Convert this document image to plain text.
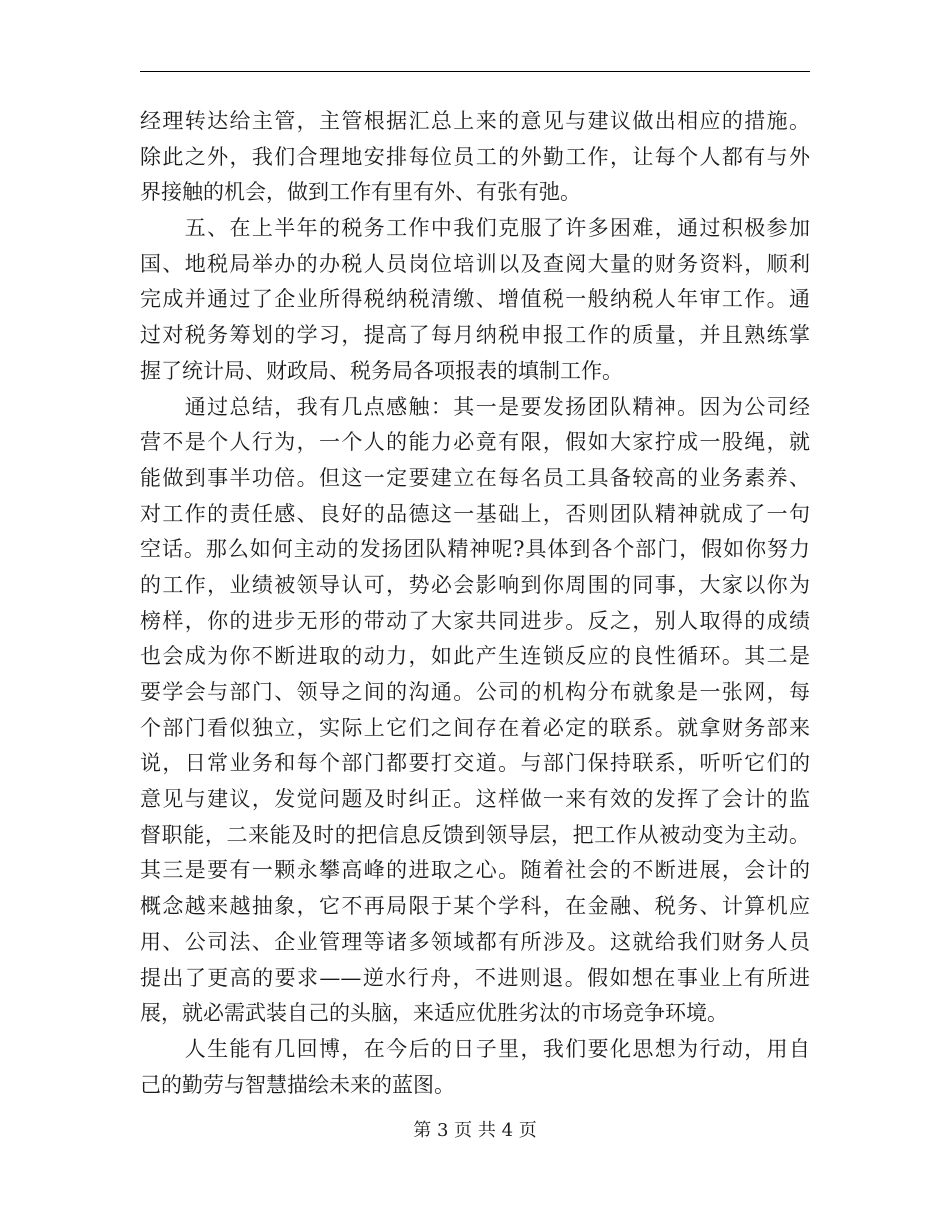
经理转达给主管，主管根据汇总上来的意见与建议做出相应的措施。
除此之外，我们合理地安排每位员工的外勤工作，让每个人都有与外
界接触的机会，做到工作有里有外、有张有弛。
　　五、在上半年的税务工作中我们克服了许多困难，通过积极参加
国、地税局举办的办税人员岗位培训以及查阅大量的财务资料，顺利
完成并通过了企业所得税纳税清缴、增值税一般纳税人年审工作。通
过对税务筹划的学习，提高了每月纳税申报工作的质量，并且熟练掌
握了统计局、财政局、税务局各项报表的填制工作。
　　通过总结，我有几点感触：其一是要发扬团队精神。因为公司经
营不是个人行为，一个人的能力必竟有限，假如大家拧成一股绳，就
能做到事半功倍。但这一定要建立在每名员工具备较高的业务素养、
对工作的责任感、良好的品德这一基础上，否则团队精神就成了一句
空话。那么如何主动的发扬团队精神呢?具体到各个部门，假如你努力
的工作，业绩被领导认可，势必会影响到你周围的同事，大家以你为
榜样，你的进步无形的带动了大家共同进步。反之，别人取得的成绩
也会成为你不断进取的动力，如此产生连锁反应的良性循环。其二是
要学会与部门、领导之间的沟通。公司的机构分布就象是一张网，每
个部门看似独立，实际上它们之间存在着必定的联系。就拿财务部来
说，日常业务和每个部门都要打交道。与部门保持联系，听听它们的
意见与建议，发觉问题及时纠正。这样做一来有效的发挥了会计的监
督职能，二来能及时的把信息反馈到领导层，把工作从被动变为主动。
其三是要有一颗永攀高峰的进取之心。随着社会的不断进展，会计的
概念越来越抽象，它不再局限于某个学科，在金融、税务、计算机应
用、公司法、企业管理等诸多领域都有所涉及。这就给我们财务人员
提出了更高的要求——逆水行舟，不进则退。假如想在事业上有所进
展，就必需武装自己的头脑，来适应优胜劣汰的市场竞争环境。
　　人生能有几回博，在今后的日子里，我们要化思想为行动，用自
己的勤劳与智慧描绘未来的蓝图。
第 3 页 共 4 页
